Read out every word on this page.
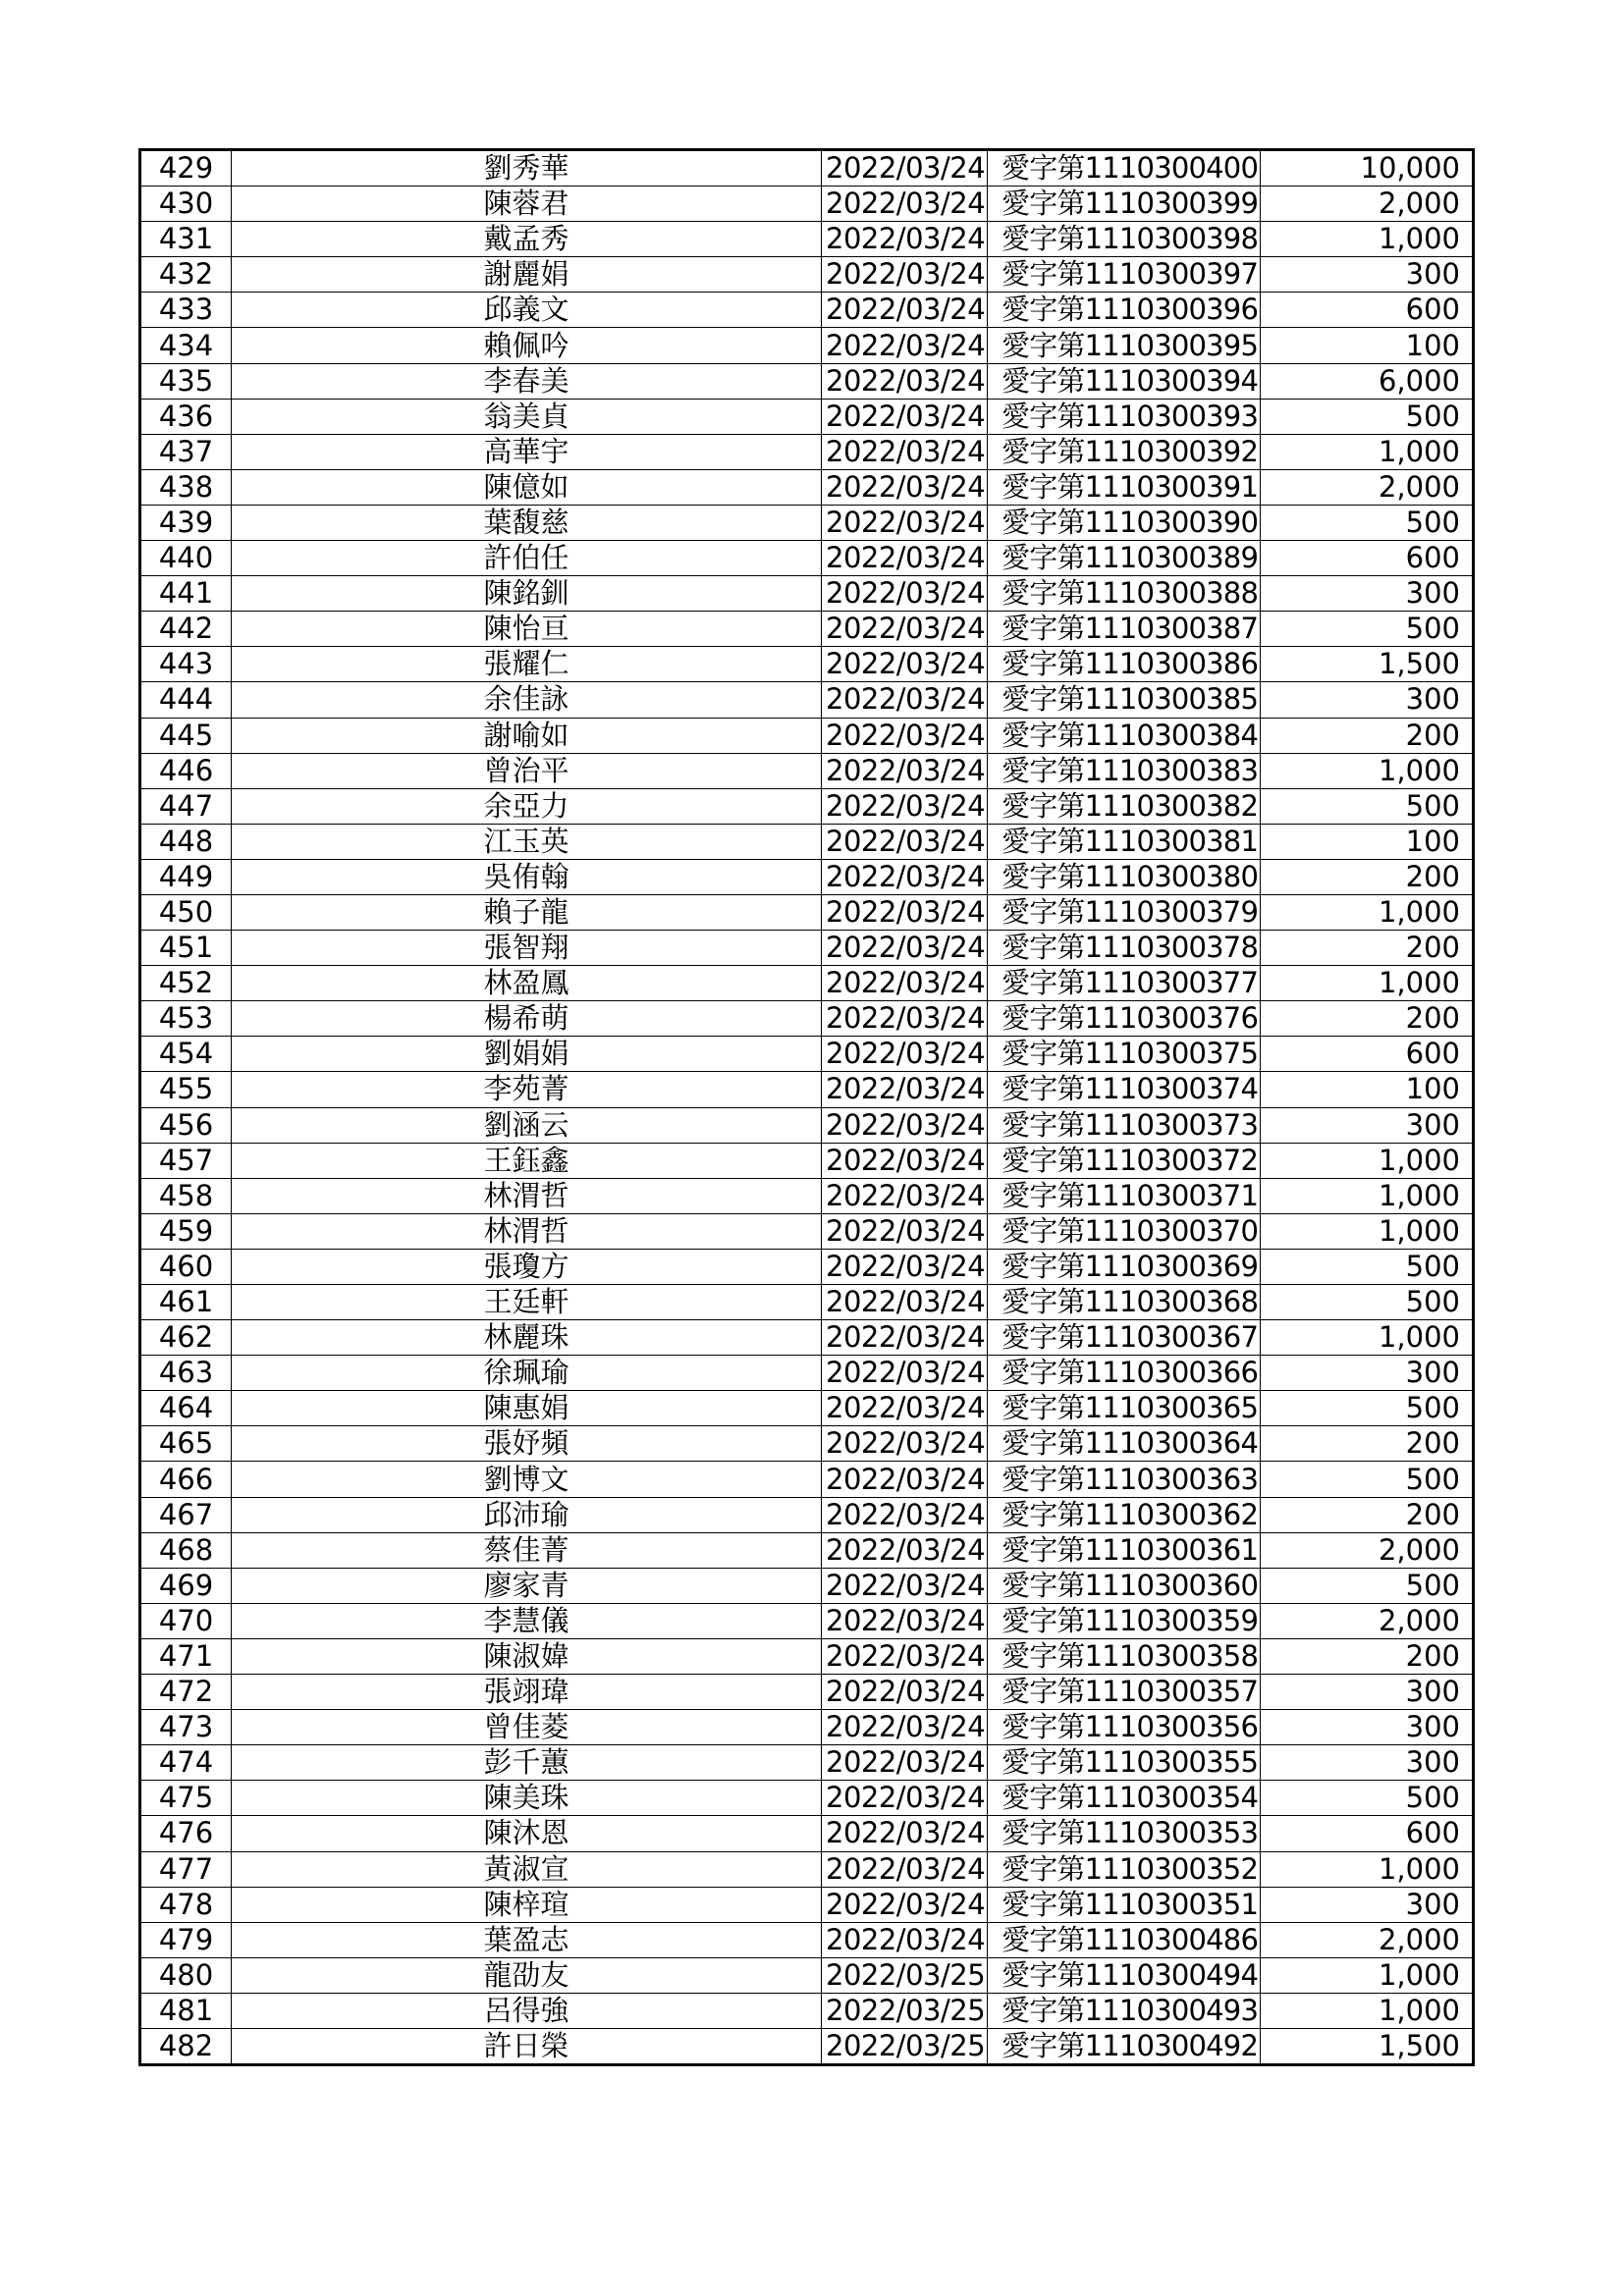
429	劉秀華	2022/03/24	愛字第1110300400	10,000
430	陳蓉君	2022/03/24	愛字第1110300399	2,000
431	戴孟秀	2022/03/24	愛字第1110300398	1,000
432	謝麗娟	2022/03/24	愛字第1110300397	300
433	邱義文	2022/03/24	愛字第1110300396	600
434	賴佩吟	2022/03/24	愛字第1110300395	100
435	李春美	2022/03/24	愛字第1110300394	6,000
436	翁美貞	2022/03/24	愛字第1110300393	500
437	高華宇	2022/03/24	愛字第1110300392	1,000
438	陳億如	2022/03/24	愛字第1110300391	2,000
439	葉馥慈	2022/03/24	愛字第1110300390	500
440	許伯任	2022/03/24	愛字第1110300389	600
441	陳銘釧	2022/03/24	愛字第1110300388	300
442	陳怡亘	2022/03/24	愛字第1110300387	500
443	張耀仁	2022/03/24	愛字第1110300386	1,500
444	余佳詠	2022/03/24	愛字第1110300385	300
445	謝喻如	2022/03/24	愛字第1110300384	200
446	曾治平	2022/03/24	愛字第1110300383	1,000
447	余亞力	2022/03/24	愛字第1110300382	500
448	江玉英	2022/03/24	愛字第1110300381	100
449	吳侑翰	2022/03/24	愛字第1110300380	200
450	賴子龍	2022/03/24	愛字第1110300379	1,000
451	張智翔	2022/03/24	愛字第1110300378	200
452	林盈鳳	2022/03/24	愛字第1110300377	1,000
453	楊希萌	2022/03/24	愛字第1110300376	200
454	劉娟娟	2022/03/24	愛字第1110300375	600
455	李苑菁	2022/03/24	愛字第1110300374	100
456	劉涵云	2022/03/24	愛字第1110300373	300
457	王鈺鑫	2022/03/24	愛字第1110300372	1,000
458	林渭哲	2022/03/24	愛字第1110300371	1,000
459	林渭哲	2022/03/24	愛字第1110300370	1,000
460	張瓊方	2022/03/24	愛字第1110300369	500
461	王廷軒	2022/03/24	愛字第1110300368	500
462	林麗珠	2022/03/24	愛字第1110300367	1,000
463	徐珮瑜	2022/03/24	愛字第1110300366	300
464	陳惠娟	2022/03/24	愛字第1110300365	500
465	張妤頻	2022/03/24	愛字第1110300364	200
466	劉博文	2022/03/24	愛字第1110300363	500
467	邱沛瑜	2022/03/24	愛字第1110300362	200
468	蔡佳菁	2022/03/24	愛字第1110300361	2,000
469	廖家青	2022/03/24	愛字第1110300360	500
470	李慧儀	2022/03/24	愛字第1110300359	2,000
471	陳淑媁	2022/03/24	愛字第1110300358	200
472	張翊瑋	2022/03/24	愛字第1110300357	300
473	曾佳菱	2022/03/24	愛字第1110300356	300
474	彭千蕙	2022/03/24	愛字第1110300355	300
475	陳美珠	2022/03/24	愛字第1110300354	500
476	陳沐恩	2022/03/24	愛字第1110300353	600
477	黃淑宣	2022/03/24	愛字第1110300352	1,000
478	陳梓瑄	2022/03/24	愛字第1110300351	300
479	葉盈志	2022/03/24	愛字第1110300486	2,000
480	龍劭友	2022/03/25	愛字第1110300494	1,000
481	呂得強	2022/03/25	愛字第1110300493	1,000
482	許日榮	2022/03/25	愛字第1110300492	1,500
